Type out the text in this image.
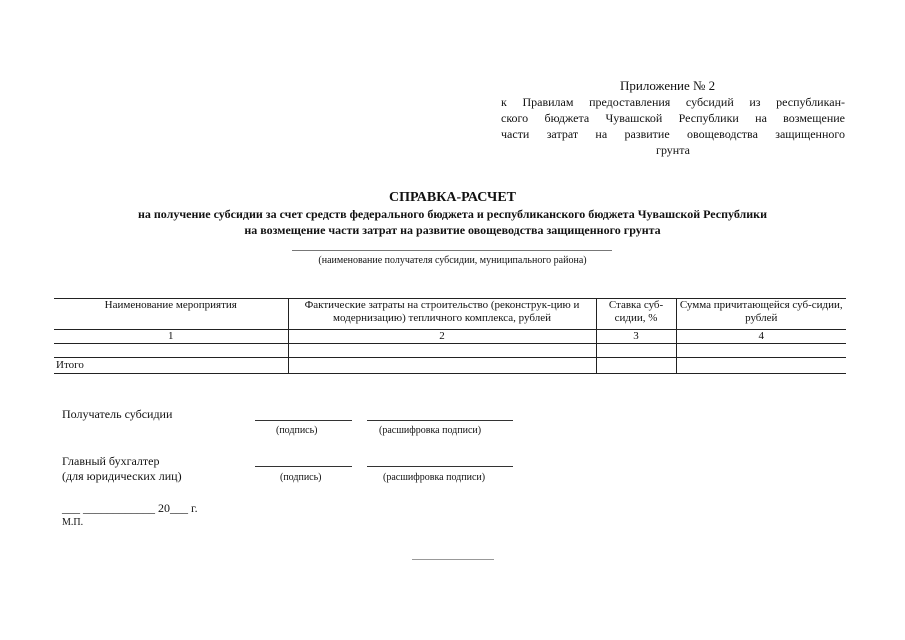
Приложение № 2
к Правилам предоставления субсидий из республикан-
ского бюджета Чувашской Республики на возмещение
части затрат на развитие овощеводства защищенного
грунта
СПРАВКА-РАСЧЕТ
на получение субсидии за счет средств федерального бюджета и республиканского бюджета Чувашской Республики
на возмещение части затрат на развитие овощеводства защищенного грунта
(наименование получателя субсидии, муниципального района)
Наименование мероприятия	Фактические затраты на строительство (реконструк-цию и модернизацию) тепличного комплекса, рублей	Ставка суб-сидии, %	Сумма причитающейся суб-сидии, рублей
1	2	3	4

Итого			
Получатель субсидии
(подпись)	(расшифровка подписи)
Главный бухгалтер
(для юридических лиц)	(подпись)	(расшифровка подписи)
___ ____________ 20___ г.
М.П.
